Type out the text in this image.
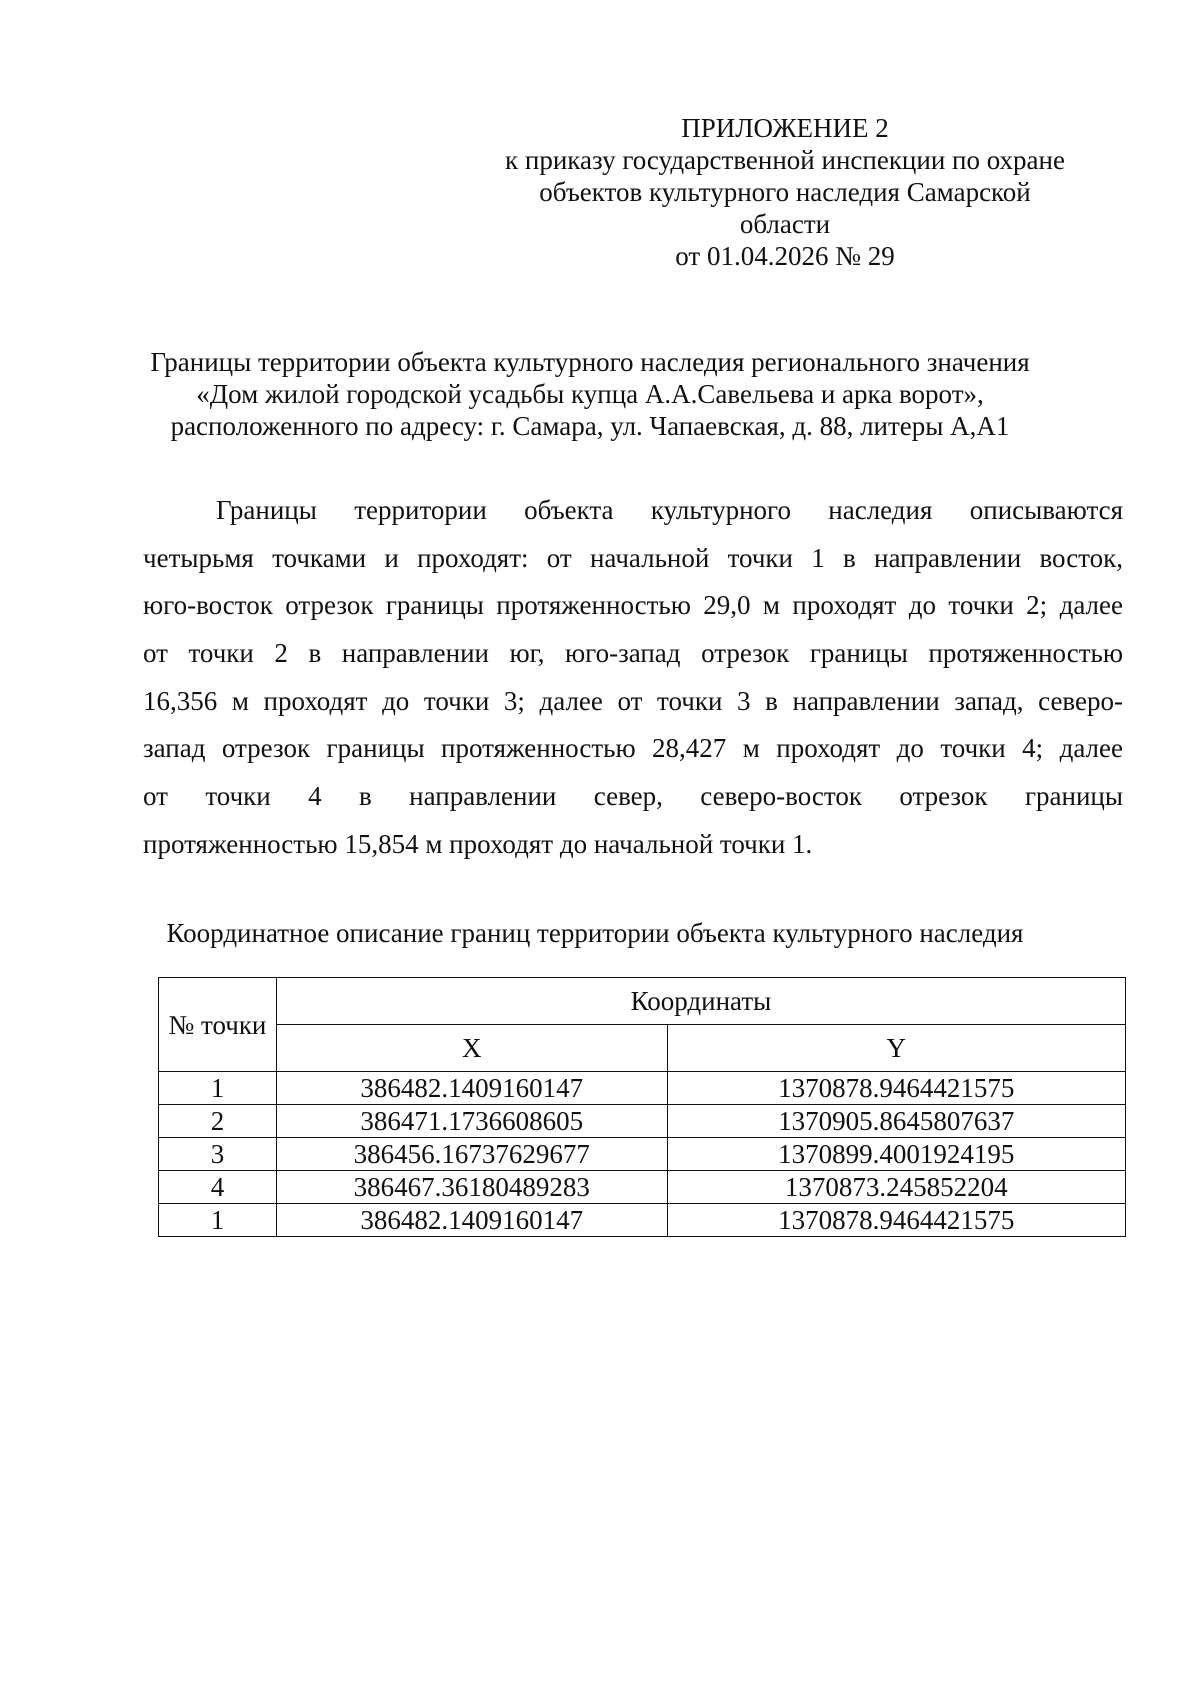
ПРИЛОЖЕНИЕ 2
к приказу государственной инспекции по охране
объектов культурного наследия Самарской
области
от 01.04.2026 № 29
Границы территории объекта культурного наследия регионального значения
«Дом жилой городской усадьбы купца А.А.Савельева и арка ворот»,
расположенного по адресу: г. Самара, ул. Чапаевская, д. 88, литеры А,А1
Границы территории объекта культурного наследия описываются
четырьмя точками и проходят: от начальной точки 1 в направлении восток,
юго-восток отрезок границы протяженностью 29,0 м проходят до точки 2; далее
от точки 2 в направлении юг, юго-запад отрезок границы протяженностью
16,356 м проходят до точки 3; далее от точки 3 в направлении запад, северо-
запад отрезок границы протяженностью 28,427 м проходят до точки 4; далее
от точки 4 в направлении север, северо-восток отрезок границы
протяженностью 15,854 м проходят до начальной точки 1.
Координатное описание границ территории объекта культурного наследия
№ точки	Координаты	
	X	Y
1	386482.1409160147	1370878.9464421575
2	386471.1736608605	1370905.8645807637
3	386456.16737629677	1370899.4001924195
4	386467.36180489283	1370873.245852204
1	386482.1409160147	1370878.9464421575
